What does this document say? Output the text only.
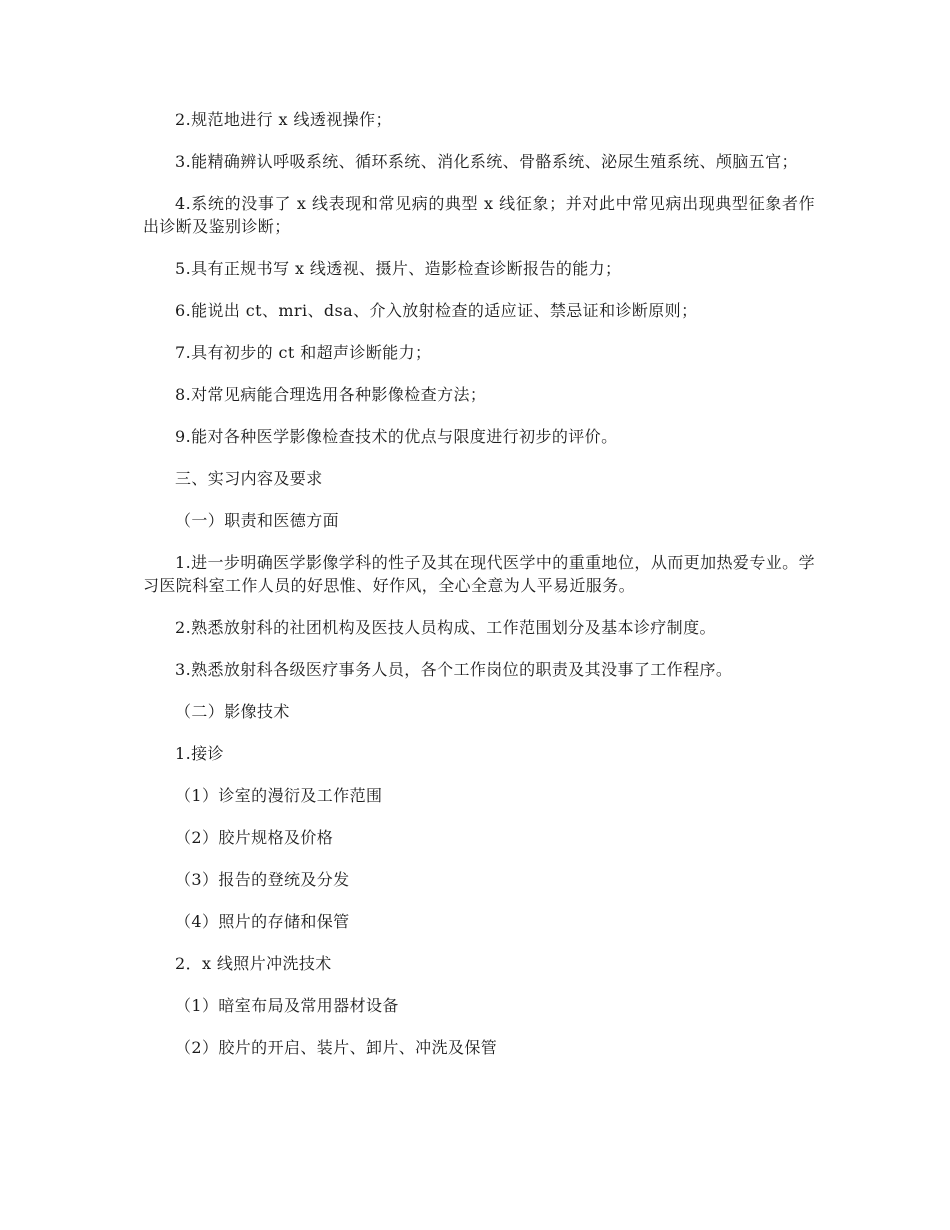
2.规范地进行 x 线透视操作；

3.能精确辨认呼吸系统、循环系统、消化系统、骨骼系统、泌尿生殖系统、颅脑五官；

4.系统的没事了 x 线表现和常见病的典型 x 线征象；并对此中常见病出现典型征象者作出诊断及鉴别诊断；

5.具有正规书写 x 线透视、摄片、造影检查诊断报告的能力；

6.能说出 ct、mri、dsa、介入放射检查的适应证、禁忌证和诊断原则；

7.具有初步的 ct 和超声诊断能力；

8.对常见病能合理选用各种影像检查方法；

9.能对各种医学影像检查技术的优点与限度进行初步的评价。

三、实习内容及要求

（一）职责和医德方面

1.进一步明确医学影像学科的性子及其在现代医学中的重重地位，从而更加热爱专业。学习医院科室工作人员的好思惟、好作风，全心全意为人平易近服务。

2.熟悉放射科的社团机构及医技人员构成、工作范围划分及基本诊疗制度。

3.熟悉放射科各级医疗事务人员，各个工作岗位的职责及其没事了工作程序。

（二）影像技术

1.接诊

（1）诊室的漫衍及工作范围

（2）胶片规格及价格

（3）报告的登统及分发

（4）照片的存储和保管

2．x 线照片冲洗技术

（1）暗室布局及常用器材设备

（2）胶片的开启、装片、卸片、冲洗及保管
